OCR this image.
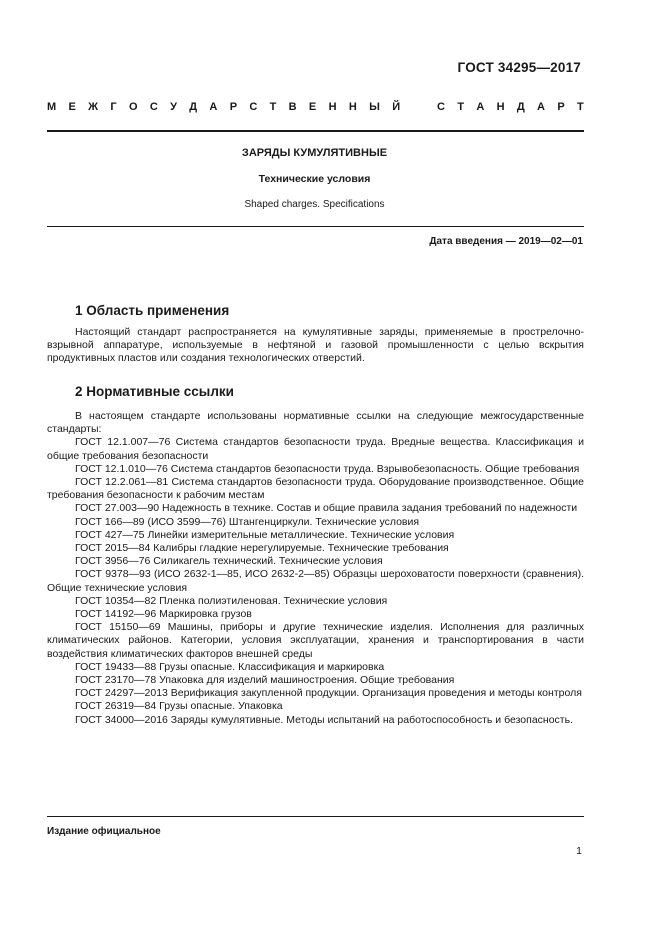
ГОСТ 34295—2017
М Е Ж Г О С У Д А Р С Т В Е Н Н Ы Й	С Т А Н Д А Р Т
ЗАРЯДЫ КУМУЛЯТИВНЫЕ
Технические условия
Shaped charges. Specifications
Дата введения — 2019—02—01
1 Область применения

Настоящий стандарт распространяется на кумулятивные заряды, применяемые в прострелочно-взрывной аппаратуре, используемые в нефтяной и газовой промышленности с целью вскрытия продуктивных пластов или создания технологических отверстий.

2 Нормативные ссылки

В настоящем стандарте использованы нормативные ссылки на следующие межгосударственные стандарты:

ГОСТ 12.1.007—76 Система стандартов безопасности труда. Вредные вещества. Классификация и общие требования безопасности

ГОСТ 12.1.010—76 Система стандартов безопасности труда. Взрывобезопасность. Общие требования

ГОСТ 12.2.061—81 Система стандартов безопасности труда. Оборудование производственное. Общие требования безопасности к рабочим местам

ГОСТ 27.003—90 Надежность в технике. Состав и общие правила задания требований по надежности

ГОСТ 166—89 (ИСО 3599—76) Штангенциркули. Технические условия

ГОСТ 427—75 Линейки измерительные металлические. Технические условия

ГОСТ 2015—84 Калибры гладкие нерегулируемые. Технические требования

ГОСТ 3956—76 Силикагель технический. Технические условия

ГОСТ 9378—93 (ИСО 2632-1—85, ИСО 2632-2—85) Образцы шероховатости поверхности (сравнения). Общие технические условия

ГОСТ 10354—82 Пленка полиэтиленовая. Технические условия

ГОСТ 14192—96 Маркировка грузов

ГОСТ 15150—69 Машины, приборы и другие технические изделия. Исполнения для различных климатических районов. Категории, условия эксплуатации, хранения и транспортирования в части воздействия климатических факторов внешней среды

ГОСТ 19433—88 Грузы опасные. Классификация и маркировка

ГОСТ 23170—78 Упаковка для изделий машиностроения. Общие требования

ГОСТ 24297—2013 Верификация закупленной продукции. Организация проведения и методы контроля

ГОСТ 26319—84 Грузы опасные. Упаковка

ГОСТ 34000—2016 Заряды кумулятивные. Методы испытаний на работоспособность и безопасность.

Издание официальное
1
